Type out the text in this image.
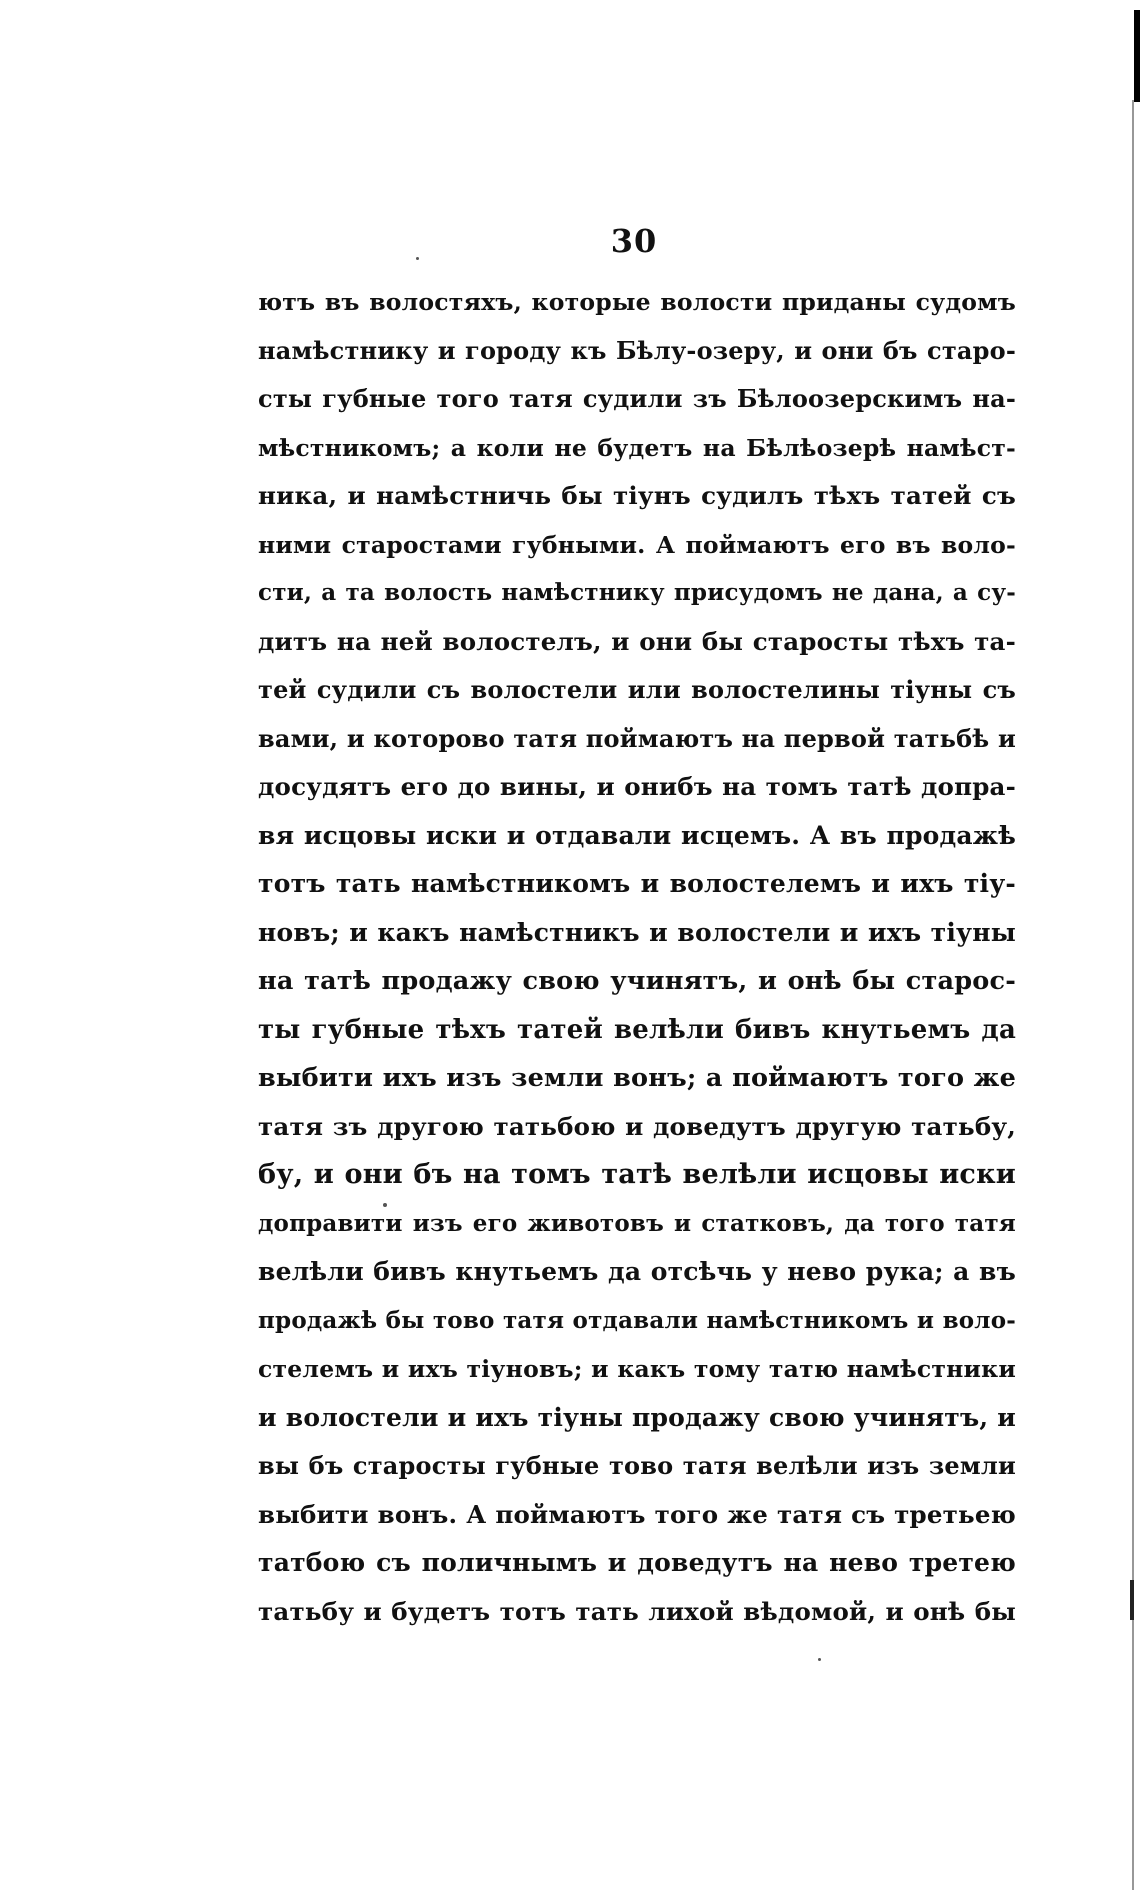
30
ютъ въ волостяхъ, которые волости приданы судомъ
намѣстнику и городу къ Бѣлу-озеру, и они бъ старо-
сты губные того татя судили зъ Бѣлоозерскимъ на-
мѣстникомъ; а коли не будетъ на Бѣлѣозерѣ намѣст-
ника, и намѣстничь бы тіунъ судилъ тѣхъ татей съ
ними старостами губными. А поймаютъ его въ воло-
сти, а та волость намѣстнику присудомъ не дана, а су-
дитъ на ней волостелъ, и они бы старосты тѣхъ та-
тей судили съ волостели или волостелины тіуны съ
вами, и которово татя поймаютъ на первой татьбѣ и
досудятъ его до вины, и онибъ на томъ татѣ допра-
вя исцовы иски и отдавали исцемъ. А въ продажѣ
тотъ тать намѣстникомъ и волостелемъ и ихъ тіу-
новъ; и какъ намѣстникъ и волостели и ихъ тіуны
на татѣ продажу свою учинятъ, и онѣ бы старос-
ты губные тѣхъ татей велѣли бивъ кнутьемъ да
выбити ихъ изъ земли вонъ; а поймаютъ того же
татя зъ другою татьбою и доведутъ другую татьбу,
бу, и они бъ на томъ татѣ велѣли исцовы иски
доправити изъ его животовъ и статковъ, да того татя
велѣли бивъ кнутьемъ да отсѣчь у нево рука; а въ
продажѣ бы тово татя отдавали намѣстникомъ и воло-
стелемъ и ихъ тіуновъ; и какъ тому татю намѣстники
и волостели и ихъ тіуны продажу свою учинятъ, и
вы бъ старосты губные тово татя велѣли изъ земли
выбити вонъ. А поймаютъ того же татя съ третьею
татбою съ поличнымъ и доведутъ на нево третею
татьбу и будетъ тотъ тать лихой вѣдомой, и онѣ бы
